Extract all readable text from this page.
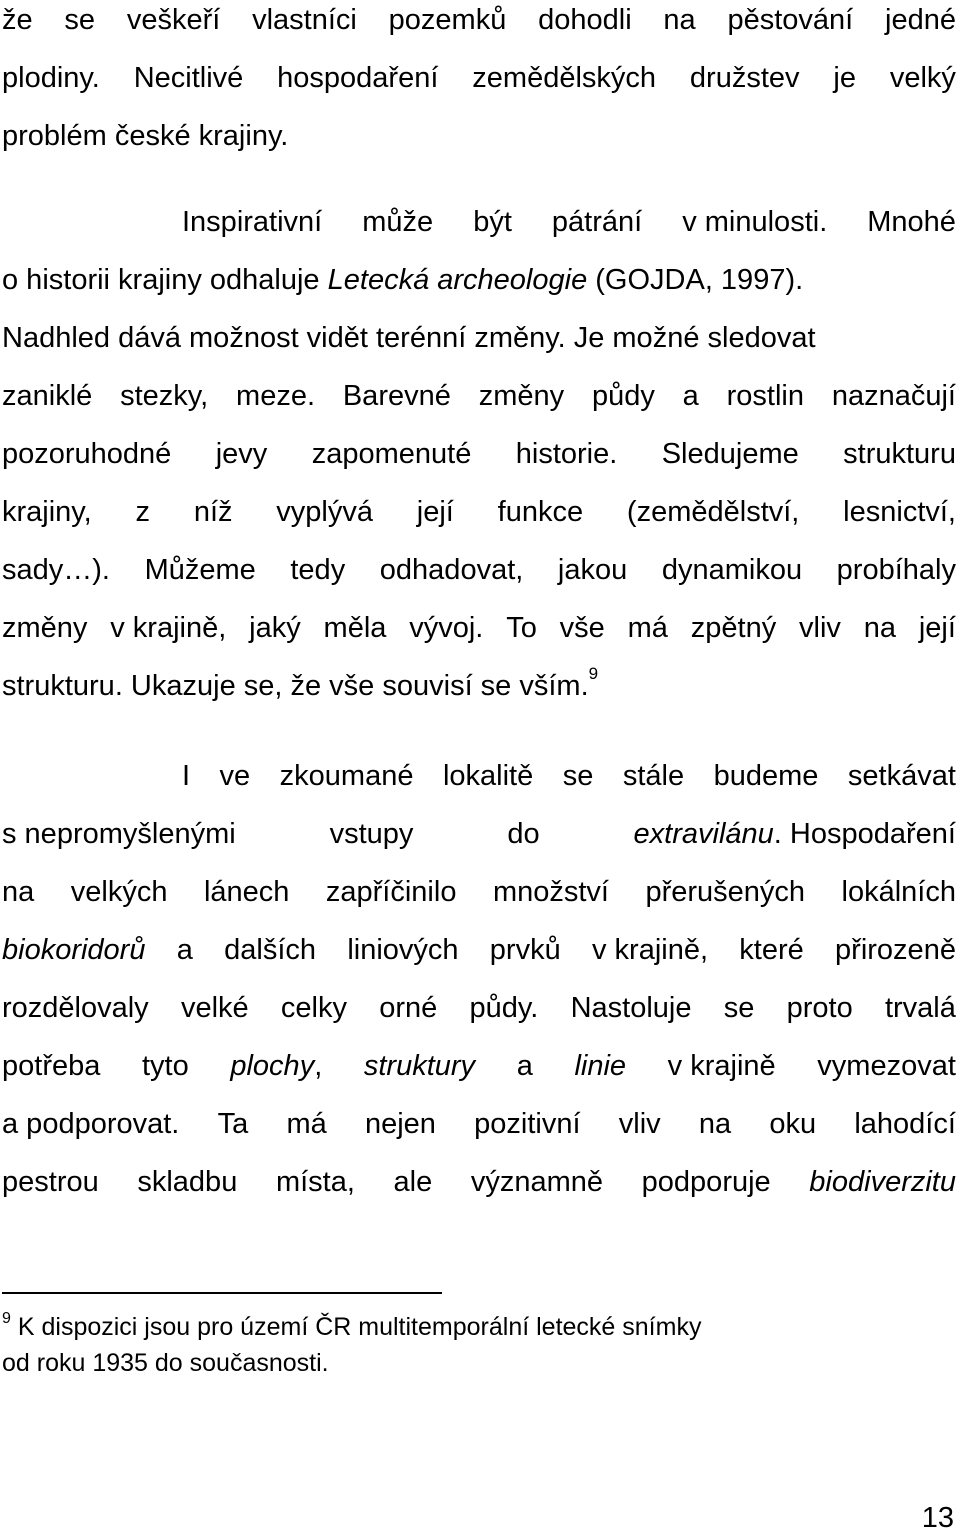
že se veškeří vlastníci pozemků dohodli na pěstování jedné
plodiny. Necitlivé hospodaření zemědělských družstev je velký
problém české krajiny.
Inspirativní může být pátrání v minulosti. Mnohé
o historii krajiny odhaluje Letecká archeologie (GOJDA, 1997).
Nadhled dává možnost vidět terénní změny. Je možné sledovat
zaniklé stezky, meze. Barevné změny půdy a rostlin naznačují
pozoruhodné jevy zapomenuté historie. Sledujeme strukturu
krajiny, z níž vyplývá její funkce (zemědělství, lesnictví,
sady…). Můžeme tedy odhadovat, jakou dynamikou probíhaly
změny v krajině, jaký měla vývoj. To vše má zpětný vliv na její
strukturu. Ukazuje se, že vše souvisí se vším.$^9$
I ve zkoumané lokalitě se stále budeme setkávat
s nepromyšlenými	vstupy	do	extravilánu. Hospodaření
na velkých lánech zapříčinilo množství přerušených lokálních
biokoridorů a dalších liniových prvků v krajině, které přirozeně
rozdělovaly velké celky orné půdy. Nastoluje se proto trvalá
potřeba tyto plochy, struktury a linie v krajině vymezovat
a podporovat. Ta má nejen pozitivní vliv na oku lahodící
pestrou skladbu místa, ale významně podporuje biodiverzitu
$^9$ K dispozici jsou pro území ČR multitemporální letecké snímky
od roku 1935 do současnosti.
13
